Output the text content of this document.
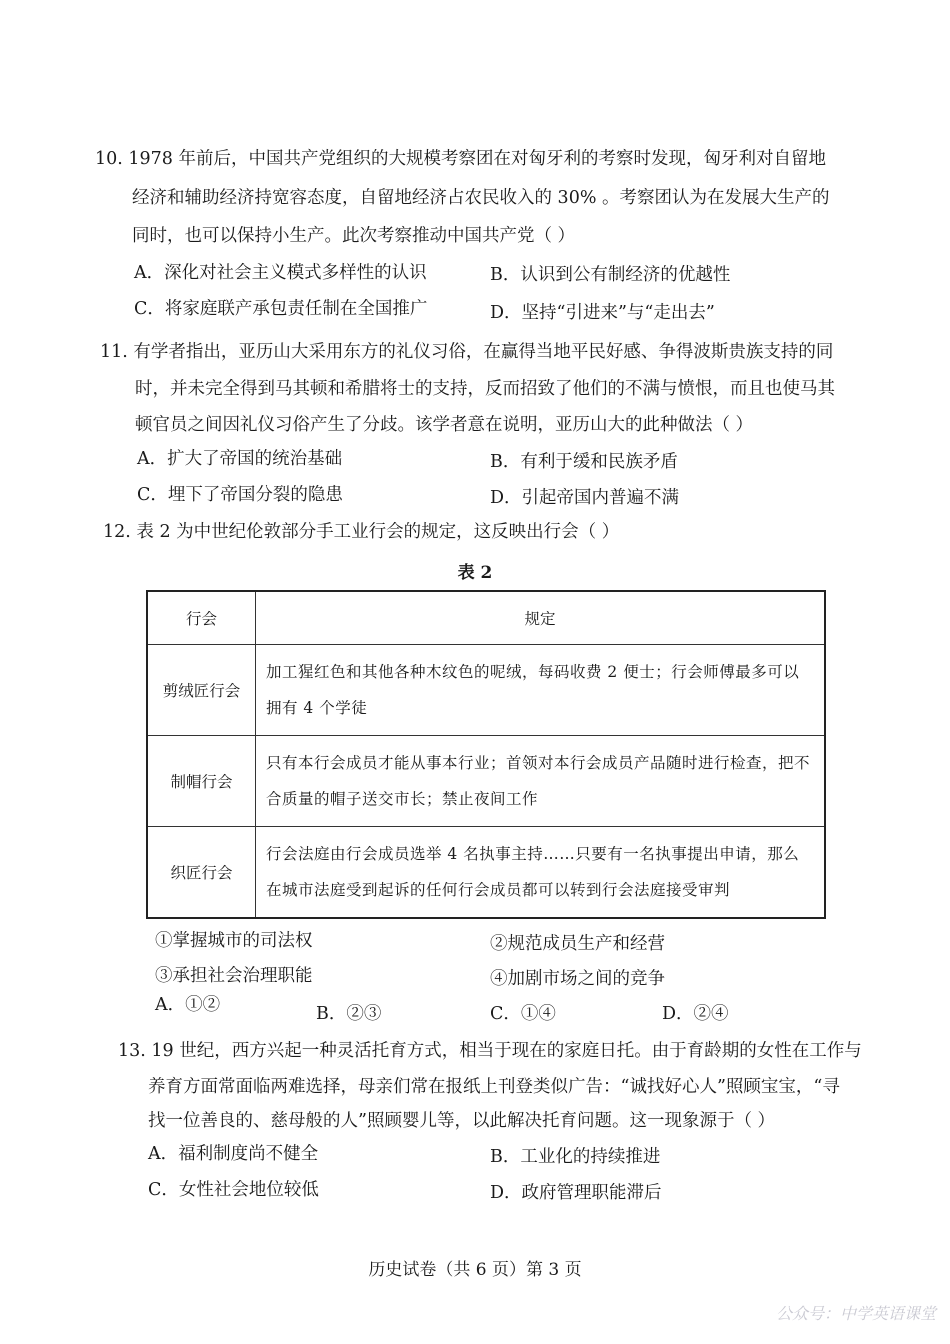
10. 1978 年前后，中国共产党组织的大规模考察团在对匈牙利的考察时发现，匈牙利对自留地
经济和辅助经济持宽容态度，自留地经济占农民收入的 30% 。考察团认为在发展大生产的
同时，也可以保持小生产。此次考察推动中国共产党（ ）
A．深化对社会主义模式多样性的认识	B．认识到公有制经济的优越性
C．将家庭联产承包责任制在全国推广	D．坚持“引进来”与“走出去”
11. 有学者指出，亚历山大采用东方的礼仪习俗，在赢得当地平民好感、争得波斯贵族支持的同
时，并未完全得到马其顿和希腊将士的支持，反而招致了他们的不满与愤恨，而且也使马其
顿官员之间因礼仪习俗产生了分歧。该学者意在说明，亚历山大的此种做法（ ）
A．扩大了帝国的统治基础	B．有利于缓和民族矛盾
C．埋下了帝国分裂的隐患	D．引起帝国内普遍不满
12. 表 2 为中世纪伦敦部分手工业行会的规定，这反映出行会（ ）
表 2
行会	规定
剪绒匠行会	加工猩红色和其他各种木纹色的呢绒，每码收费 2 便士；行会师傅最多可以拥有 4 个学徒
制帽行会	只有本行会成员才能从事本行业；首领对本行会成员产品随时进行检查，把不合质量的帽子送交市长；禁止夜间工作
织匠行会	行会法庭由行会成员选举 4 名执事主持……只要有一名执事提出申请，那么在城市法庭受到起诉的任何行会成员都可以转到行会法庭接受审判
①掌握城市的司法权	②规范成员生产和经营
③承担社会治理职能	④加剧市场之间的竞争
A．①②	B．②③	C．①④	D．②④
13. 19 世纪，西方兴起一种灵活托育方式，相当于现在的家庭日托。由于育龄期的女性在工作与
养育方面常面临两难选择，母亲们常在报纸上刊登类似广告：“诚找好心人”照顾宝宝，“寻
找一位善良的、慈母般的人”照顾婴儿等，以此解决托育问题。这一现象源于（ ）
A．福利制度尚不健全	B．工业化的持续推进
C．女性社会地位较低	D．政府管理职能滞后
历史试卷（共 6 页）第 3 页
公众号：中学英语课堂
